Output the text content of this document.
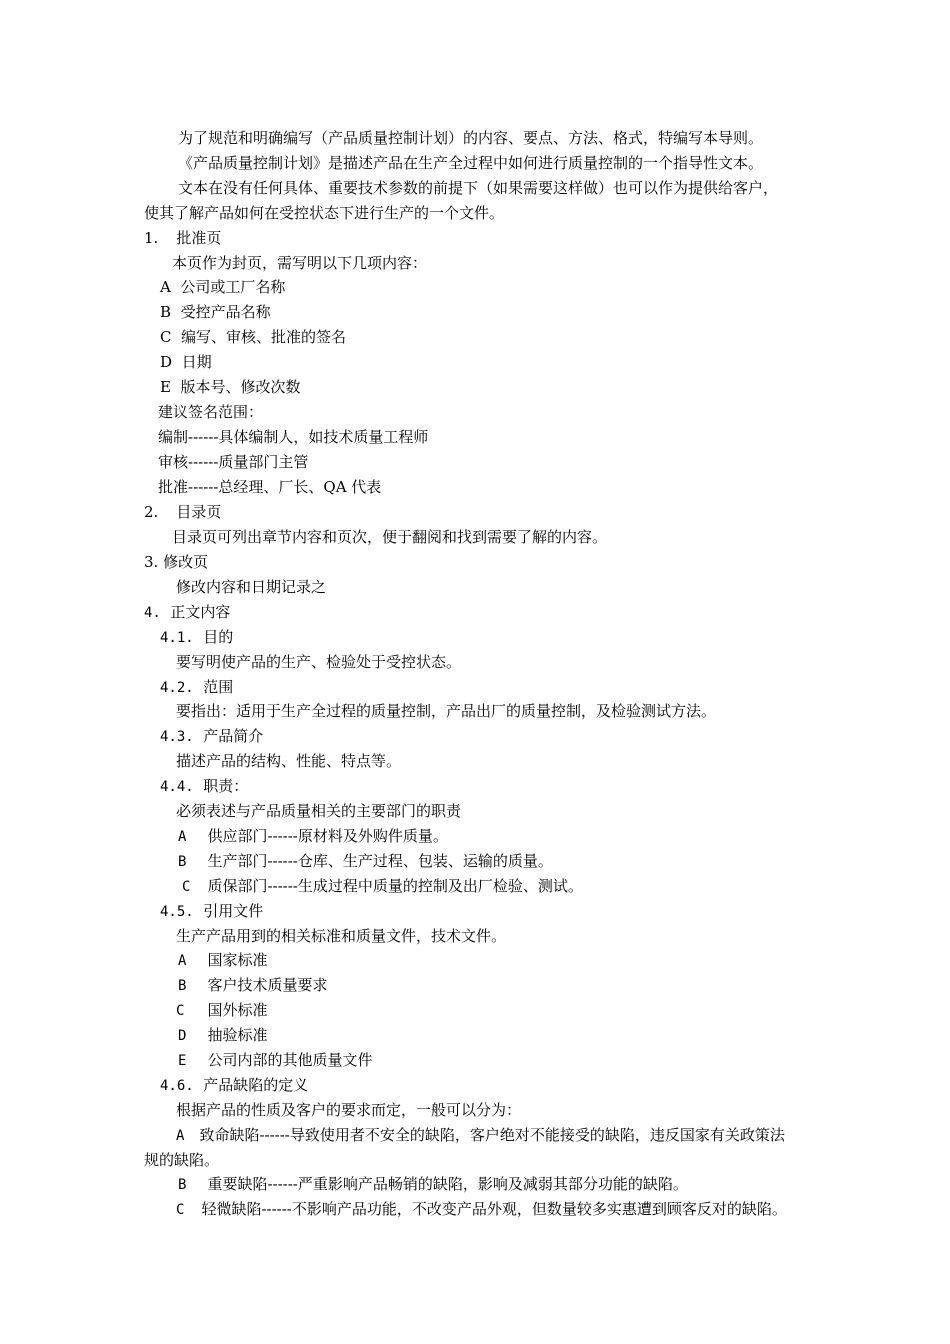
为了规范和明确编写（产品质量控制计划）的内容、要点、方法、格式，特编写本导则。
《产品质量控制计划》是描述产品在生产全过程中如何进行质量控制的一个指导性文本。
文本在没有任何具体、重要技术参数的前提下（如果需要这样做）也可以作为提供给客户，
使其了解产品如何在受控状态下进行生产的一个文件。
1. 批准页
本页作为封页，需写明以下几项内容：
A 公司或工厂名称
B 受控产品名称
C 编写、审核、批准的签名
D 日期
E 版本号、修改次数
建议签名范围：
编制------具体编制人，如技术质量工程师
审核------质量部门主管
批准------总经理、厂长、QA 代表
2. 目录页
目录页可列出章节内容和页次，便于翻阅和找到需要了解的内容。
3. 修改页
修改内容和日期记录之
4. 正文内容
4.1. 目的
要写明使产品的生产、检验处于受控状态。
4.2. 范围
要指出：适用于生产全过程的质量控制，产品出厂的质量控制，及检验测试方法。
4.3. 产品简介
描述产品的结构、性能、特点等。
4.4. 职责：
必须表述与产品质量相关的主要部门的职责
A 供应部门------原材料及外购件质量。
B 生产部门------仓库、生产过程、包装、运输的质量。
C 质保部门------生成过程中质量的控制及出厂检验、测试。
4.5. 引用文件
生产产品用到的相关标准和质量文件，技术文件。
A 国家标准
B 客户技术质量要求
C 国外标准
D 抽验标准
E 公司内部的其他质量文件
4.6. 产品缺陷的定义
根据产品的性质及客户的要求而定，一般可以分为：
A 致命缺陷------导致使用者不安全的缺陷，客户绝对不能接受的缺陷，违反国家有关政策法
规的缺陷。
B 重要缺陷------严重影响产品畅销的缺陷，影响及减弱其部分功能的缺陷。
C 轻微缺陷------不影响产品功能，不改变产品外观，但数量较多实惠遭到顾客反对的缺陷。
